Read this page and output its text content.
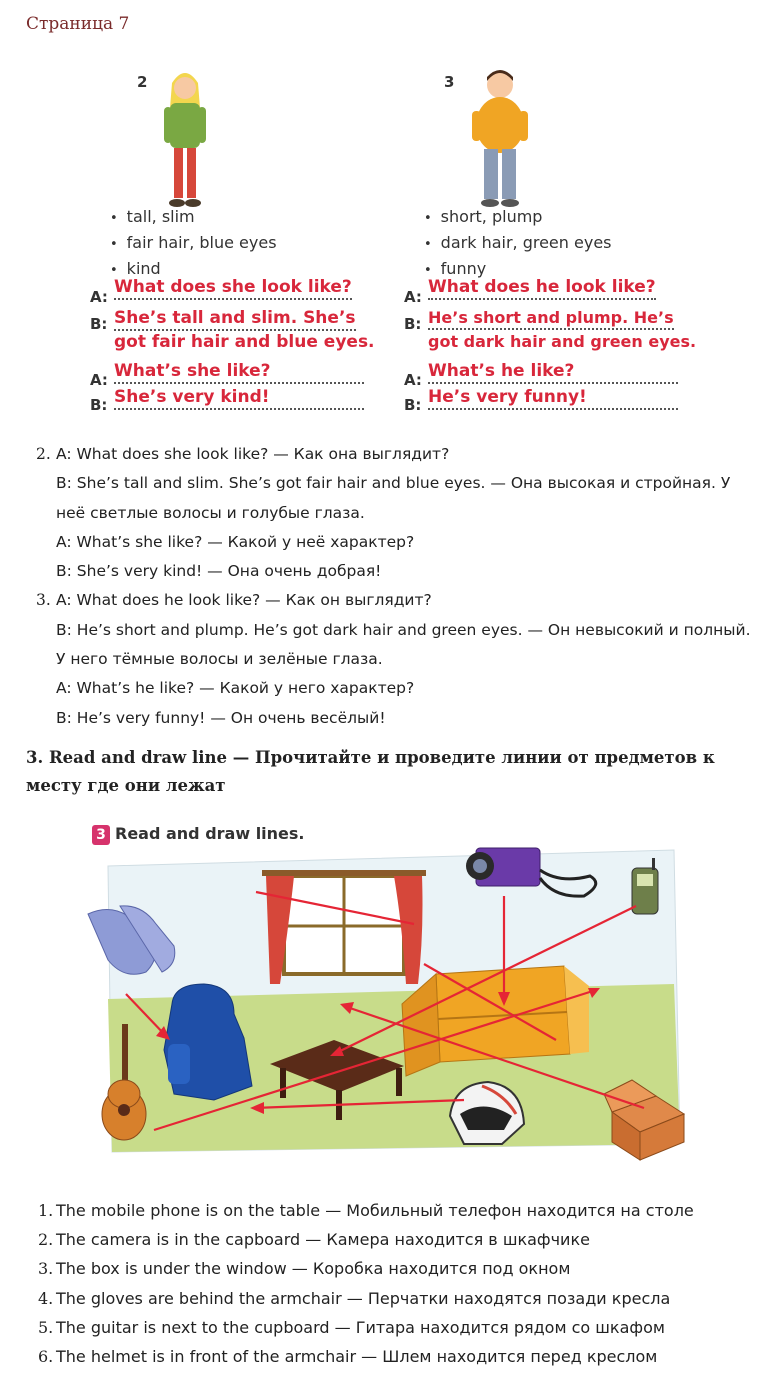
Страница 7
2
• tall, slim
• fair hair, blue eyes
• kind
A: What does she look like?
B: She’s tall and slim. She’s
got fair hair and blue eyes.
A: What’s she like?
B: She’s very kind!
3
• short, plump
• dark hair, green eyes
• funny
A: What does he look like?
B: He’s short and plump. He’s
got dark hair and green eyes.
A: What’s he like?
B: He’s very funny!
2. A: What does she look like? — Как она выглядит?
B: She’s tall and slim. She’s got fair hair and blue eyes. — Она высокая и стройная. У неё светлые волосы и голубые глаза.
A: What’s she like? — Какой у неё характер?
B: She’s very kind! — Она очень добрая!
3. A: What does he look like? — Как он выглядит?
B: He’s short and plump. He’s got dark hair and green eyes. — Он невысокий и полный. У него тёмные волосы и зелёные глаза.
A: What’s he like? — Какой у него характер?
B: He’s very funny! — Он очень весёлый!
3. Read and draw line — Прочитайте и проведите линии от предметов к месту где они лежат
3 Read and draw lines.
1. The mobile phone is on the table — Мобильный телефон находится на столе
2. The camera is in the capboard — Камера находится в шкафчике
3. The box is under the window — Коробка находится под окном
4. The gloves are behind the armchair — Перчатки находятся позади кресла
5. The guitar is next to the cupboard — Гитара находится рядом со шкафом
6. The helmet is in front of the armchair — Шлем находится перед креслом
